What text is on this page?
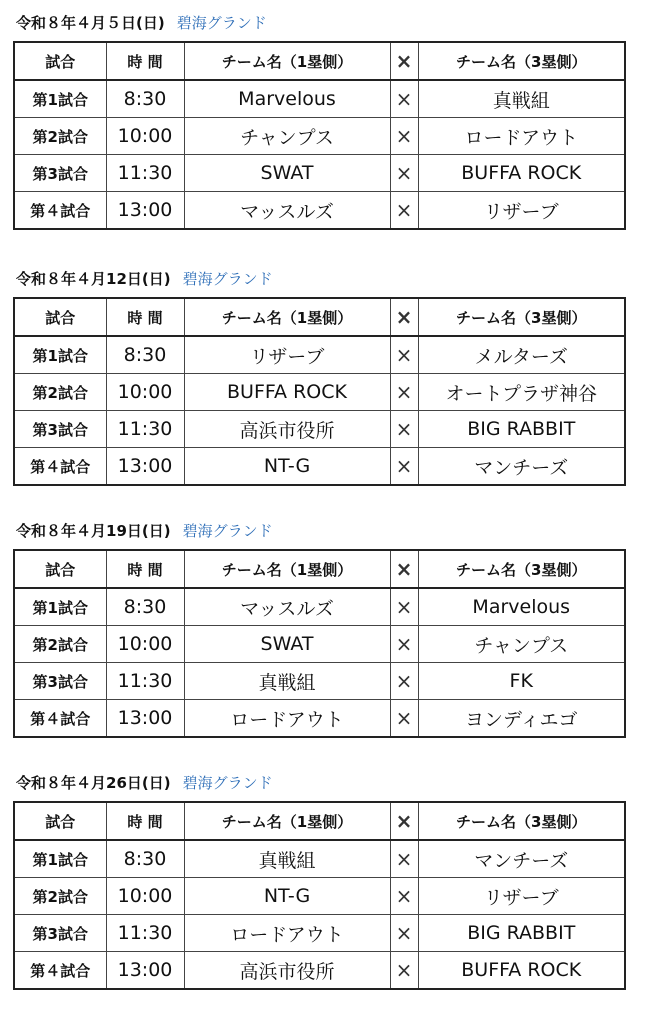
令和８年４月５日(日) 碧海グランド
試合	時 間	チーム名（1塁側）	×	チーム名（3塁側）
第1試合	8:30	Marvelous	×	真戦組
第2試合	10:00	チャンプス	×	ロードアウト
第3試合	11:30	SWAT	×	BUFFA ROCK
第４試合	13:00	マッスルズ	×	リザーブ
令和８年４月12日(日) 碧海グランド
試合	時 間	チーム名（1塁側）	×	チーム名（3塁側）
第1試合	8:30	リザーブ	×	メルターズ
第2試合	10:00	BUFFA ROCK	×	オートプラザ神谷
第3試合	11:30	高浜市役所	×	BIG RABBIT
第４試合	13:00	NT-G	×	マンチーズ
令和８年４月19日(日) 碧海グランド
試合	時 間	チーム名（1塁側）	×	チーム名（3塁側）
第1試合	8:30	マッスルズ	×	Marvelous
第2試合	10:00	SWAT	×	チャンプス
第3試合	11:30	真戦組	×	FK
第４試合	13:00	ロードアウト	×	ヨンディエゴ
令和８年４月26日(日) 碧海グランド
試合	時 間	チーム名（1塁側）	×	チーム名（3塁側）
第1試合	8:30	真戦組	×	マンチーズ
第2試合	10:00	NT-G	×	リザーブ
第3試合	11:30	ロードアウト	×	BIG RABBIT
第４試合	13:00	高浜市役所	×	BUFFA ROCK
